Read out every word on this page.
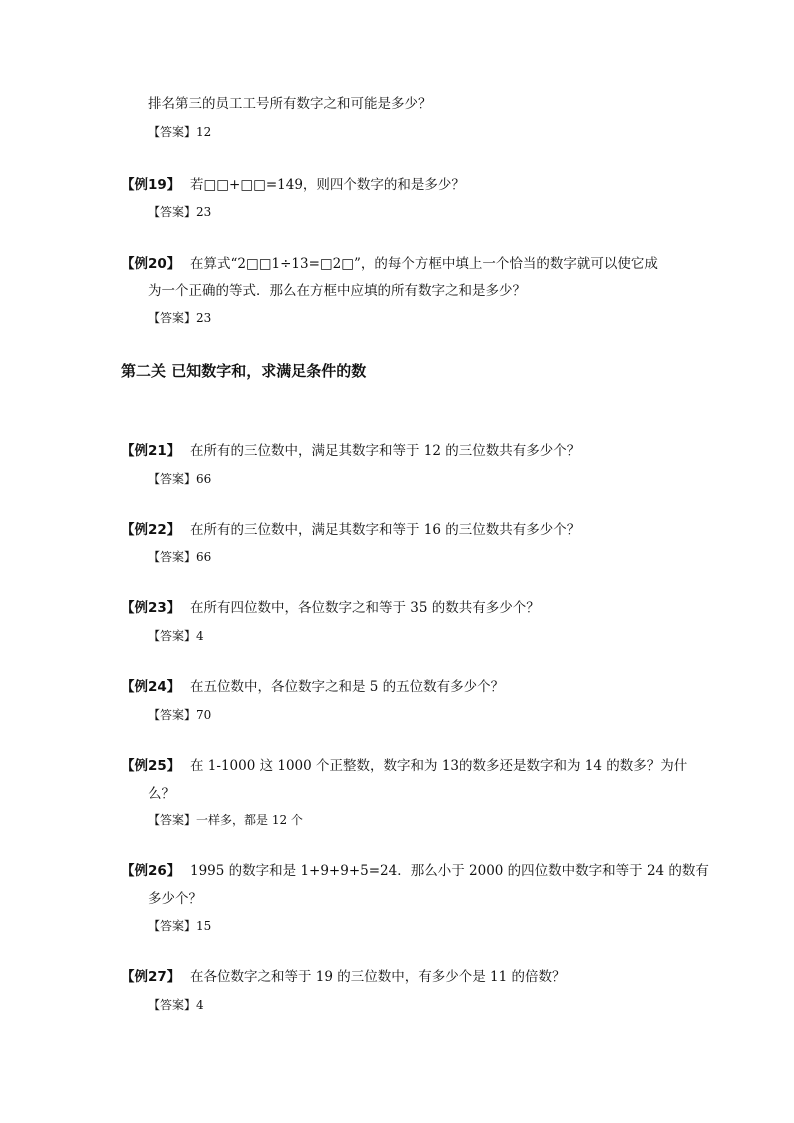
排名第三的员工工号所有数字之和可能是多少？
【答案】12
【例19】 若□□+□□=149，则四个数字的和是多少？
【答案】23
【例20】 在算式“2□□1÷13=□2□”，的每个方框中填上一个恰当的数字就可以使它成
为一个正确的等式．那么在方框中应填的所有数字之和是多少？
【答案】23
第二关 已知数字和，求满足条件的数
【例21】 在所有的三位数中，满足其数字和等于 12 的三位数共有多少个？
【答案】66
【例22】 在所有的三位数中，满足其数字和等于 16 的三位数共有多少个？
【答案】66
【例23】 在所有四位数中，各位数字之和等于 35 的数共有多少个？
【答案】4
【例24】 在五位数中，各位数字之和是 5 的五位数有多少个？
【答案】70
【例25】 在 1-1000 这 1000 个正整数，数字和为 13的数多还是数字和为 14 的数多？为什
么？
【答案】一样多，都是 12 个
【例26】 1995 的数字和是 1+9+9+5=24．那么小于 2000 的四位数中数字和等于 24 的数有
多少个？
【答案】15
【例27】 在各位数字之和等于 19 的三位数中，有多少个是 11 的倍数？
【答案】4
